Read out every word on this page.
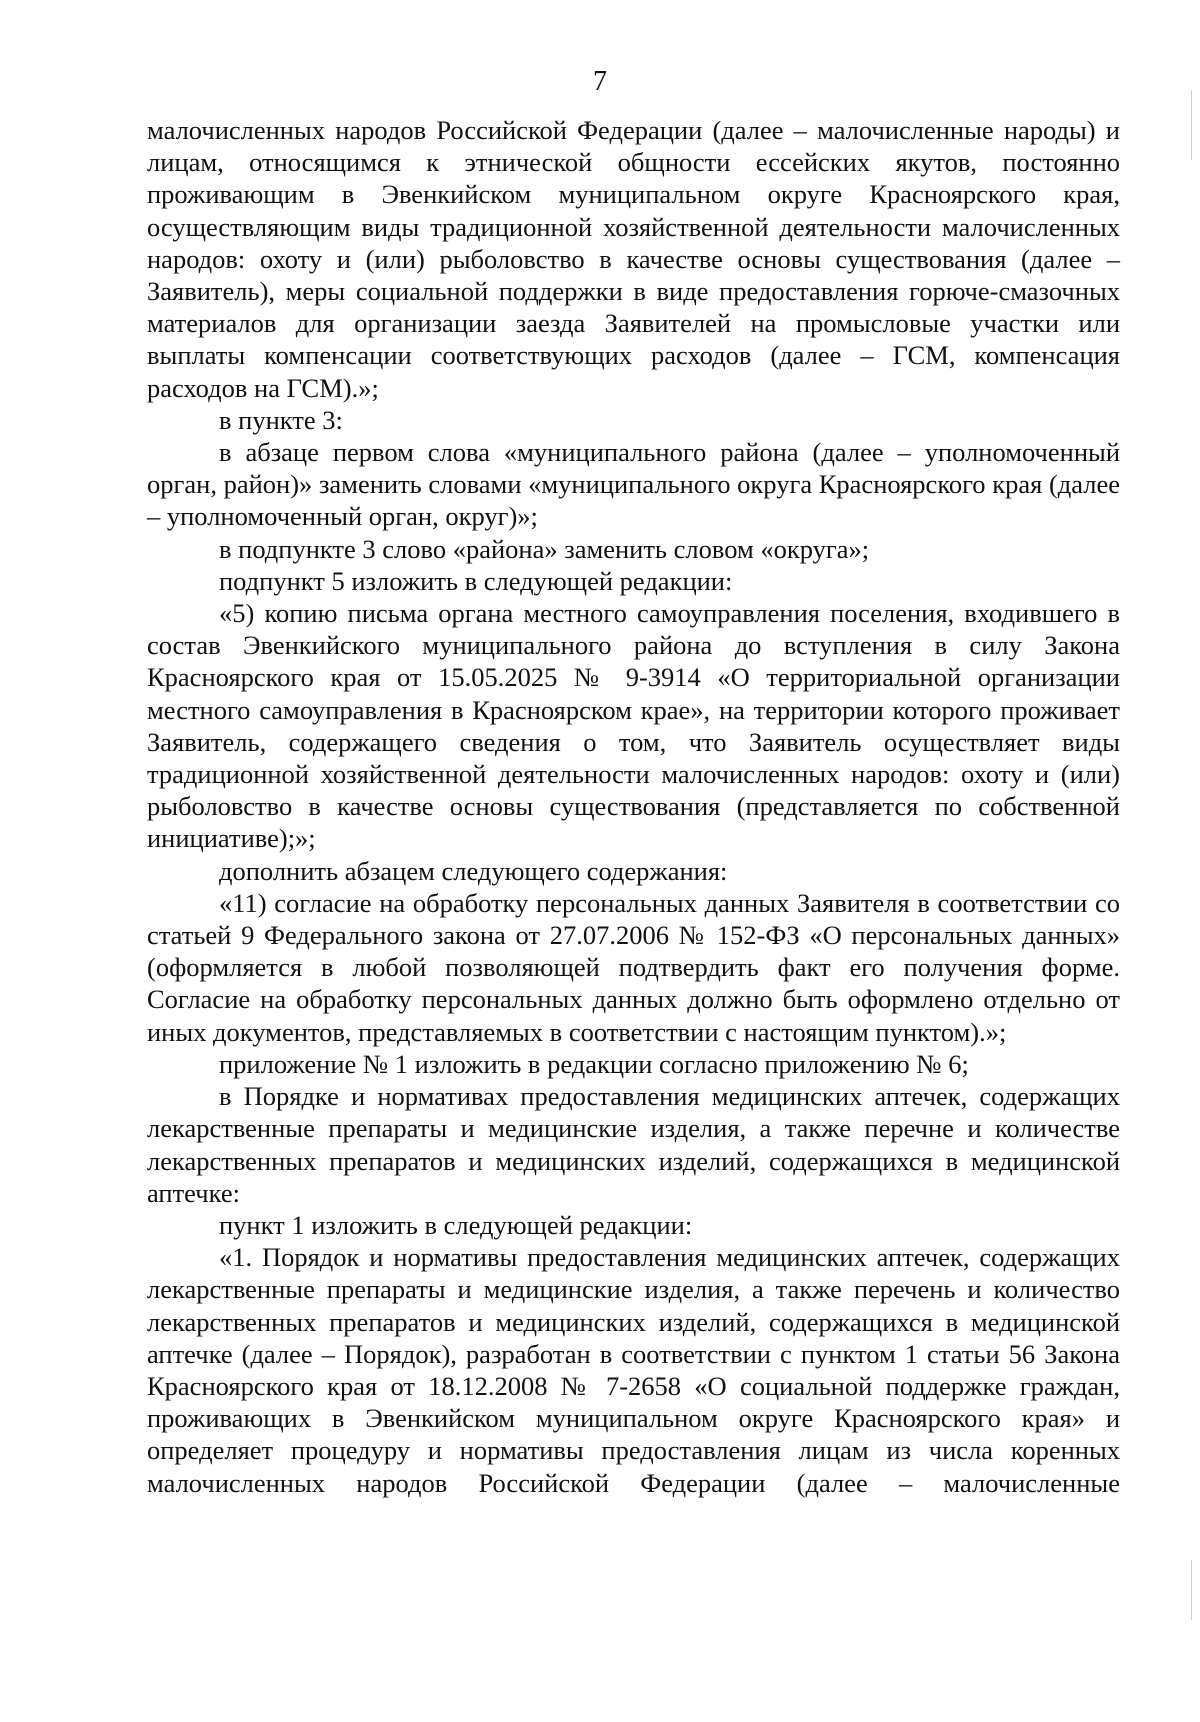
7

малочисленных народов Российской Федерации (далее – малочисленные народы) и лицам, относящимся к этнической общности ессейских якутов, постоянно проживающим в Эвенкийском муниципальном округе Красноярского края, осуществляющим виды традиционной хозяйственной деятельности малочисленных народов: охоту и (или) рыболовство в качестве основы существования (далее – Заявитель), меры социальной поддержки в виде предоставления горюче-смазочных материалов для организации заезда Заявителей на промысловые участки или выплаты компенсации соответствующих расходов (далее – ГСМ, компенсация расходов на ГСМ).»;

в пункте 3:

в абзаце первом слова «муниципального района (далее – уполномоченный орган, район)» заменить словами «муниципального округа Красноярского края (далее – уполномоченный орган, округ)»;

в подпункте 3 слово «района» заменить словом «округа»;

подпункт 5 изложить в следующей редакции:

«5) копию письма органа местного самоуправления поселения, входившего в состав Эвенкийского муниципального района до вступления в силу Закона Красноярского края от 15.05.2025 № 9-3914 «О территориальной организации местного самоуправления в Красноярском крае», на территории которого проживает Заявитель, содержащего сведения о том, что Заявитель осуществляет виды традиционной хозяйственной деятельности малочисленных народов: охоту и (или) рыболовство в качестве основы существования (представляется по собственной инициативе);»;

дополнить абзацем следующего содержания:

«11) согласие на обработку персональных данных Заявителя в соответствии со статьей 9 Федерального закона от 27.07.2006 № 152-ФЗ «О персональных данных» (оформляется в любой позволяющей подтвердить факт его получения форме. Согласие на обработку персональных данных должно быть оформлено отдельно от иных документов, представляемых в соответствии с настоящим пунктом).»;

приложение № 1 изложить в редакции согласно приложению № 6;

в Порядке и нормативах предоставления медицинских аптечек, содержащих лекарственные препараты и медицинские изделия, а также перечне и количестве лекарственных препаратов и медицинских изделий, содержащихся в медицинской аптечке:

пункт 1 изложить в следующей редакции:

«1. Порядок и нормативы предоставления медицинских аптечек, содержащих лекарственные препараты и медицинские изделия, а также перечень и количество лекарственных препаратов и медицинских изделий, содержащихся в медицинской аптечке (далее – Порядок), разработан в соответствии с пунктом 1 статьи 56 Закона Красноярского края от 18.12.2008 № 7-2658 «О социальной поддержке граждан, проживающих в Эвенкийском муниципальном округе Красноярского края» и определяет процедуру и нормативы предоставления лицам из числа коренных малочисленных народов Российской Федерации (далее – малочисленные
